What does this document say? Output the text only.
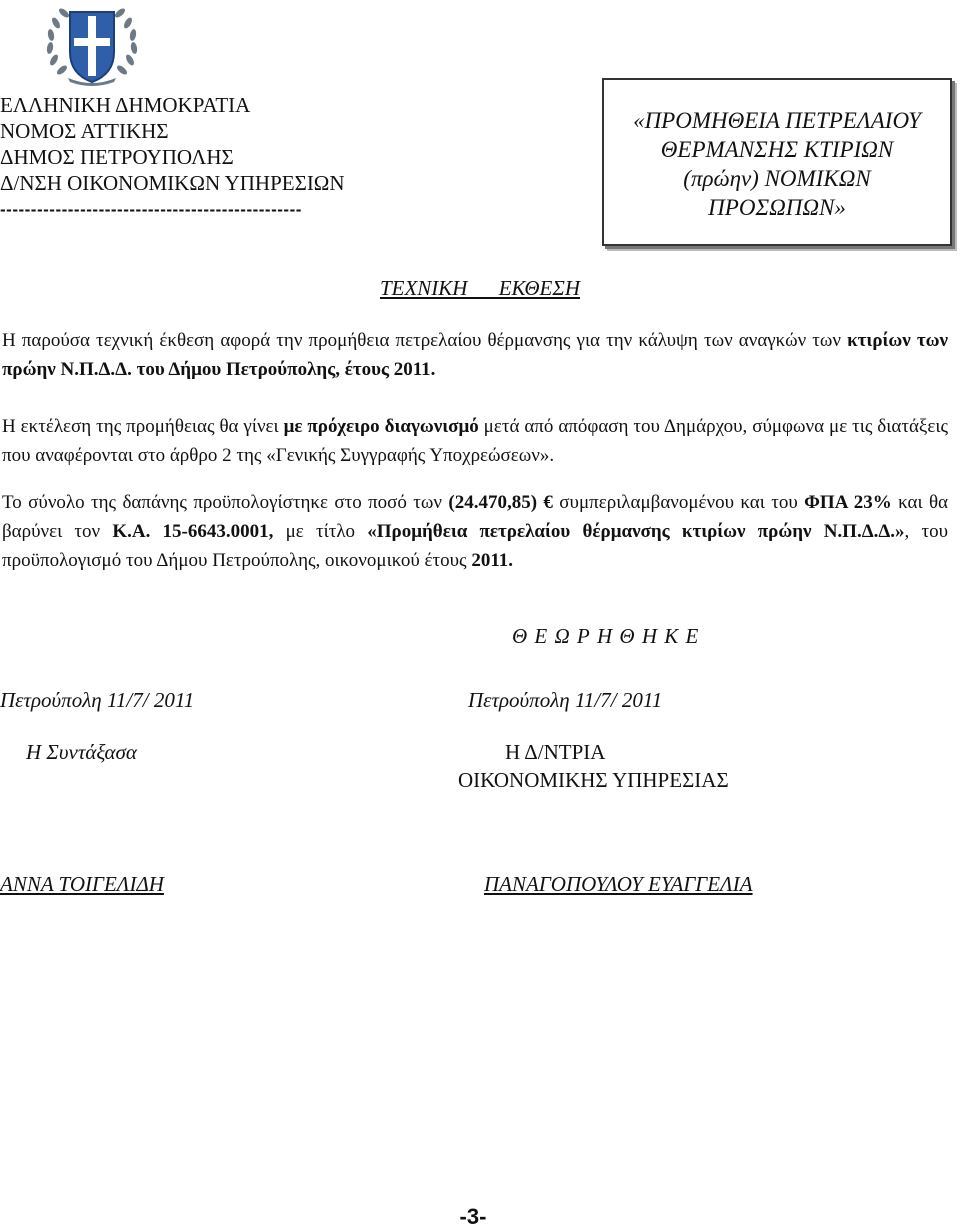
ΕΛΛΗΝΙΚΗ ΔΗΜΟΚΡΑΤΙΑ
ΝΟΜΟΣ ΑΤΤΙΚΗΣ
ΔΗΜΟΣ ΠΕΤΡΟΥΠΟΛΗΣ
Δ/ΝΣΗ ΟΙΚΟΝΟΜΙΚΩΝ ΥΠΗΡΕΣΙΩΝ
-------------------------------------------------
«ΠΡΟΜΗΘΕΙΑ ΠΕΤΡΕΛΑΙΟΥ
ΘΕΡΜΑΝΣΗΣ ΚΤΙΡΙΩΝ
(πρώην) ΝΟΜΙΚΩΝ
ΠΡΟΣΩΠΩΝ»
ΤΕΧΝΙΚΗ ΕΚΘΕΣΗ

Η παρούσα τεχνική έκθεση αφορά την προμήθεια πετρελαίου θέρμανσης για την κάλυψη των αναγκών των κτιρίων των πρώην Ν.Π.Δ.Δ. του Δήμου Πετρούπολης, έτους 2011.

Η εκτέλεση της προμήθειας θα γίνει με πρόχειρο διαγωνισμό μετά από απόφαση του Δημάρχου, σύμφωνα με τις διατάξεις που αναφέρονται στο άρθρο 2 της «Γενικής Συγγραφής Υποχρεώσεων».

Το σύνολο της δαπάνης προϋπολογίστηκε στο ποσό των (24.470,85) € συμπεριλαμβανομένου και του ΦΠΑ 23% και θα βαρύνει τον Κ.Α. 15-6643.0001, με τίτλο «Προμήθεια πετρελαίου θέρμανσης κτιρίων πρώην Ν.Π.Δ.Δ.», του προϋπολογισμό του Δήμου Πετρούπολης, οικονομικού έτους 2011.

Θ Ε Ω Ρ Η Θ Η Κ Ε
Πετρούπολη 11/7/ 2011	Πετρούπολη 11/7/ 2011
Η Συντάξασα	Η Δ/ΝΤΡΙΑ
ΟΙΚΟΝΟΜΙΚΗΣ ΥΠΗΡΕΣΙΑΣ
ΑΝΝΑ ΤΟΙΓΕΛΙΔΗ	ΠΑΝΑΓΟΠΟΥΛΟΥ ΕΥΑΓΓΕΛΙΑ
-3-
